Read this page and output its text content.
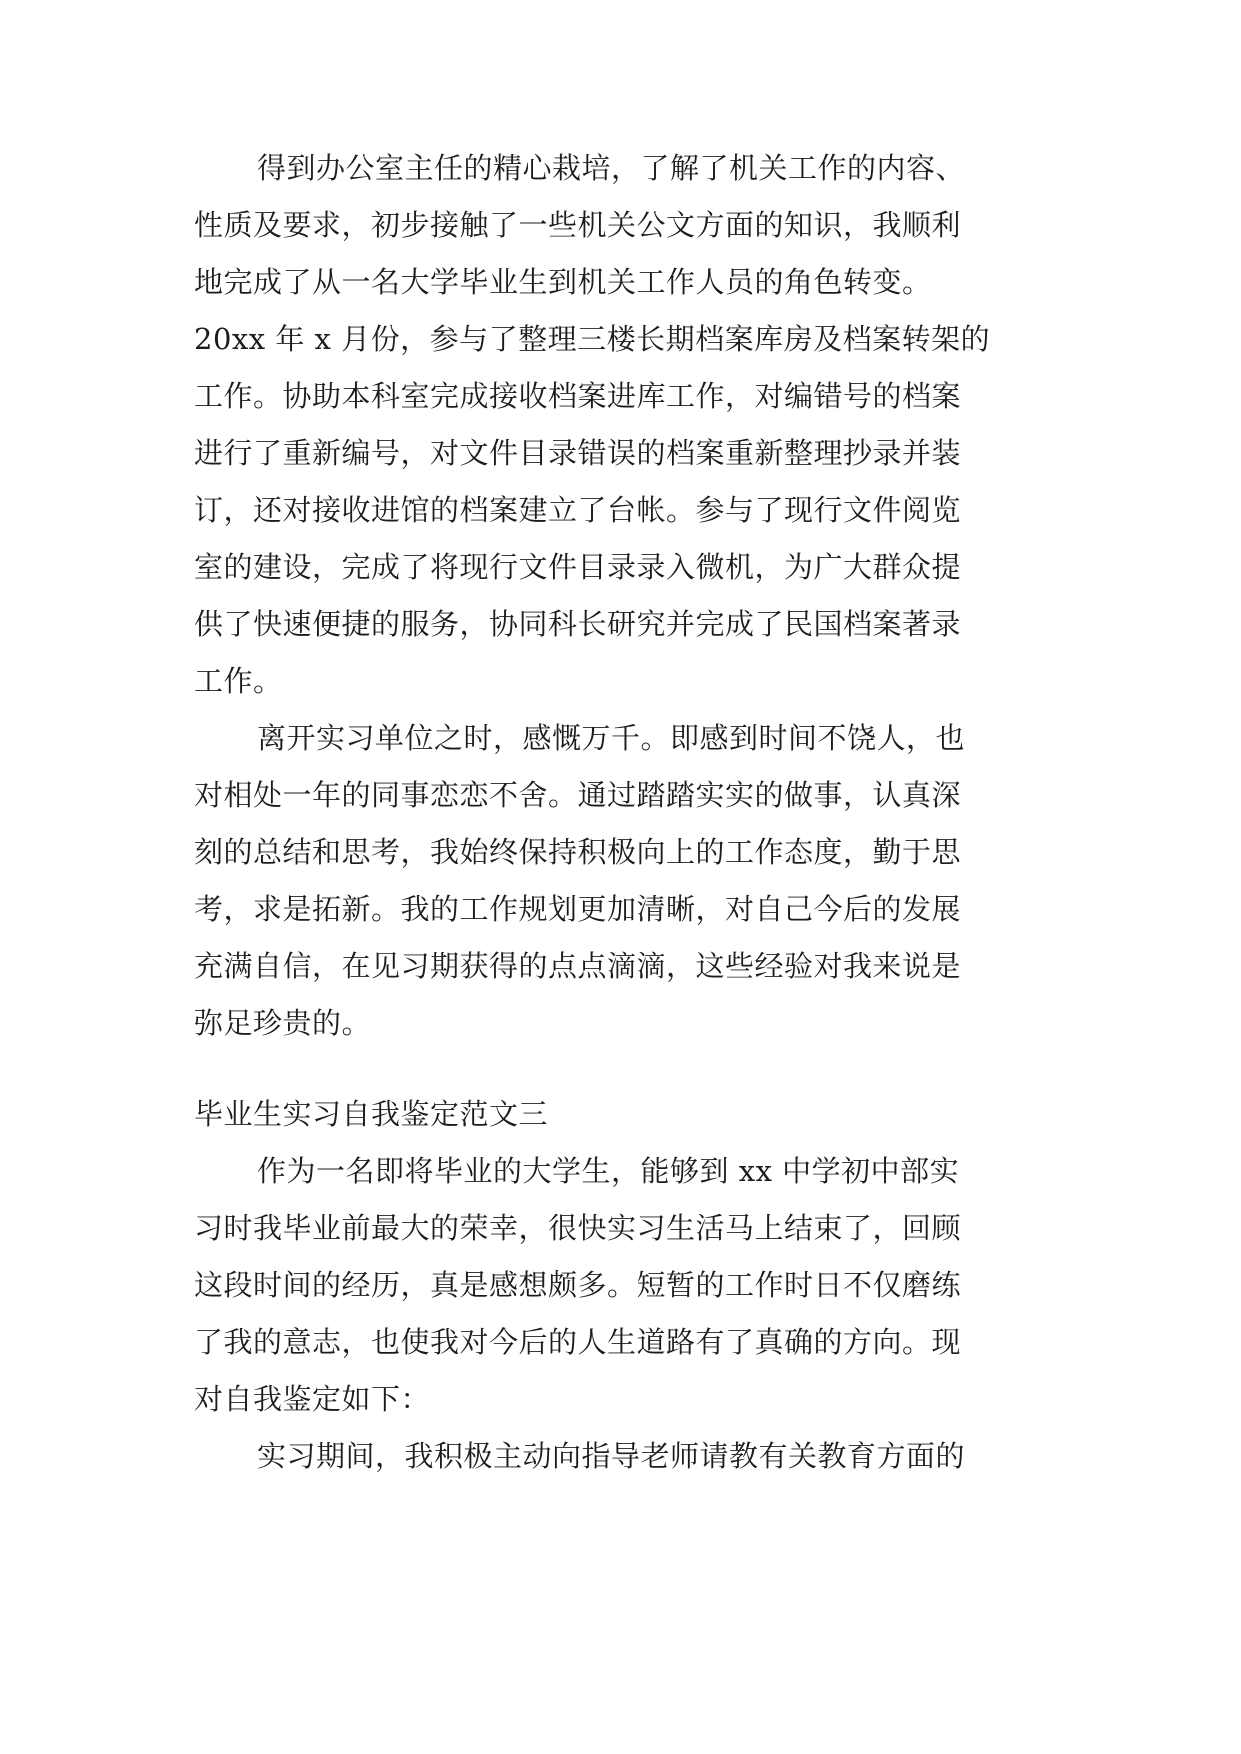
得到办公室主任的精心栽培，了解了机关工作的内容、
性质及要求，初步接触了一些机关公文方面的知识，我顺利
地完成了从一名大学毕业生到机关工作人员的角色转变。
20xx 年 x 月份，参与了整理三楼长期档案库房及档案转架的
工作。协助本科室完成接收档案进库工作，对编错号的档案
进行了重新编号，对文件目录错误的档案重新整理抄录并装
订，还对接收进馆的档案建立了台帐。参与了现行文件阅览
室的建设，完成了将现行文件目录录入微机，为广大群众提
供了快速便捷的服务，协同科长研究并完成了民国档案著录
工作。
离开实习单位之时，感慨万千。即感到时间不饶人，也
对相处一年的同事恋恋不舍。通过踏踏实实的做事，认真深
刻的总结和思考，我始终保持积极向上的工作态度，勤于思
考，求是拓新。我的工作规划更加清晰，对自己今后的发展
充满自信，在见习期获得的点点滴滴，这些经验对我来说是
弥足珍贵的。
毕业生实习自我鉴定范文三
作为一名即将毕业的大学生，能够到 xx 中学初中部实
习时我毕业前最大的荣幸，很快实习生活马上结束了，回顾
这段时间的经历，真是感想颇多。短暂的工作时日不仅磨练
了我的意志，也使我对今后的人生道路有了真确的方向。现
对自我鉴定如下：
实习期间，我积极主动向指导老师请教有关教育方面的
